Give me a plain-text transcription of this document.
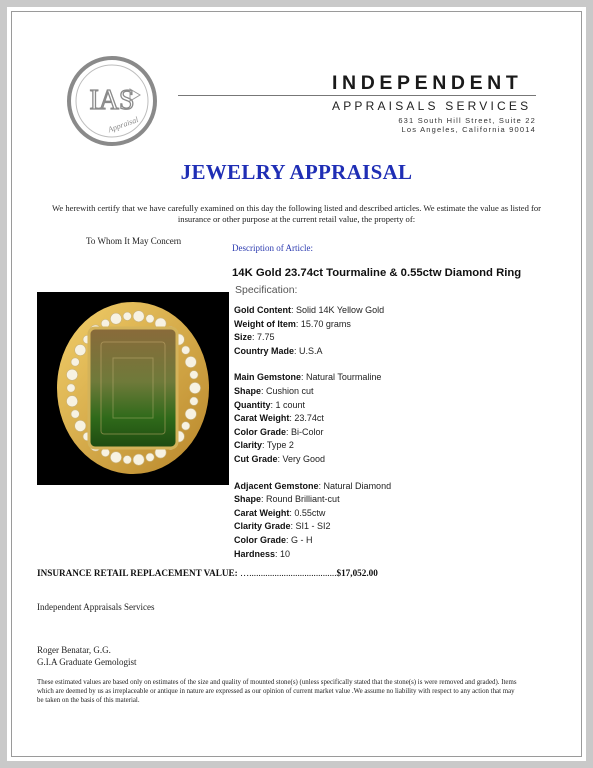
IAS
Appraisal
INDEPENDENT
APPRAISALS SERVICES
631 South Hill Street, Suite 22
Los Angeles, California 90014
JEWELRY APPRAISAL
We herewith certify that we have carefully examined on this day the following listed and described articles. We estimate the value as listed for insurance or other purpose at the current retail value, the property of:
To Whom It May Concern
Description of Article:
14K Gold 23.74ct Tourmaline & 0.55ctw Diamond Ring
Specification:
Gold Content: Solid 14K Yellow Gold
Weight of Item: 15.70 grams
Size: 7.75
Country Made: U.S.A
Main Gemstone: Natural Tourmaline
Shape: Cushion cut
Quantity: 1 count
Carat Weight: 23.74ct
Color Grade: Bi-Color
Clarity: Type 2
Cut Grade: Very Good
Adjacent Gemstone: Natural Diamond
Shape: Round Brilliant-cut
Carat Weight: 0.55ctw
Clarity Grade: SI1 - SI2
Color Grade: G - H
Hardness: 10
INSURANCE RETAIL REPLACEMENT VALUE: …......................................$17,052.00
Independent Appraisals Services
Roger Benatar, G.G.
G.I.A Graduate Gemologist
These estimated values are based only on estimates of the size and quality of mounted stone(s) (unless specifically stated that the stone(s) is were removed and graded). Items which are deemed by us as irreplaceable or antique in nature are expressed as our opinion of current market value .We assume no liability with respect to any action that may be taken on the basis of this material.
